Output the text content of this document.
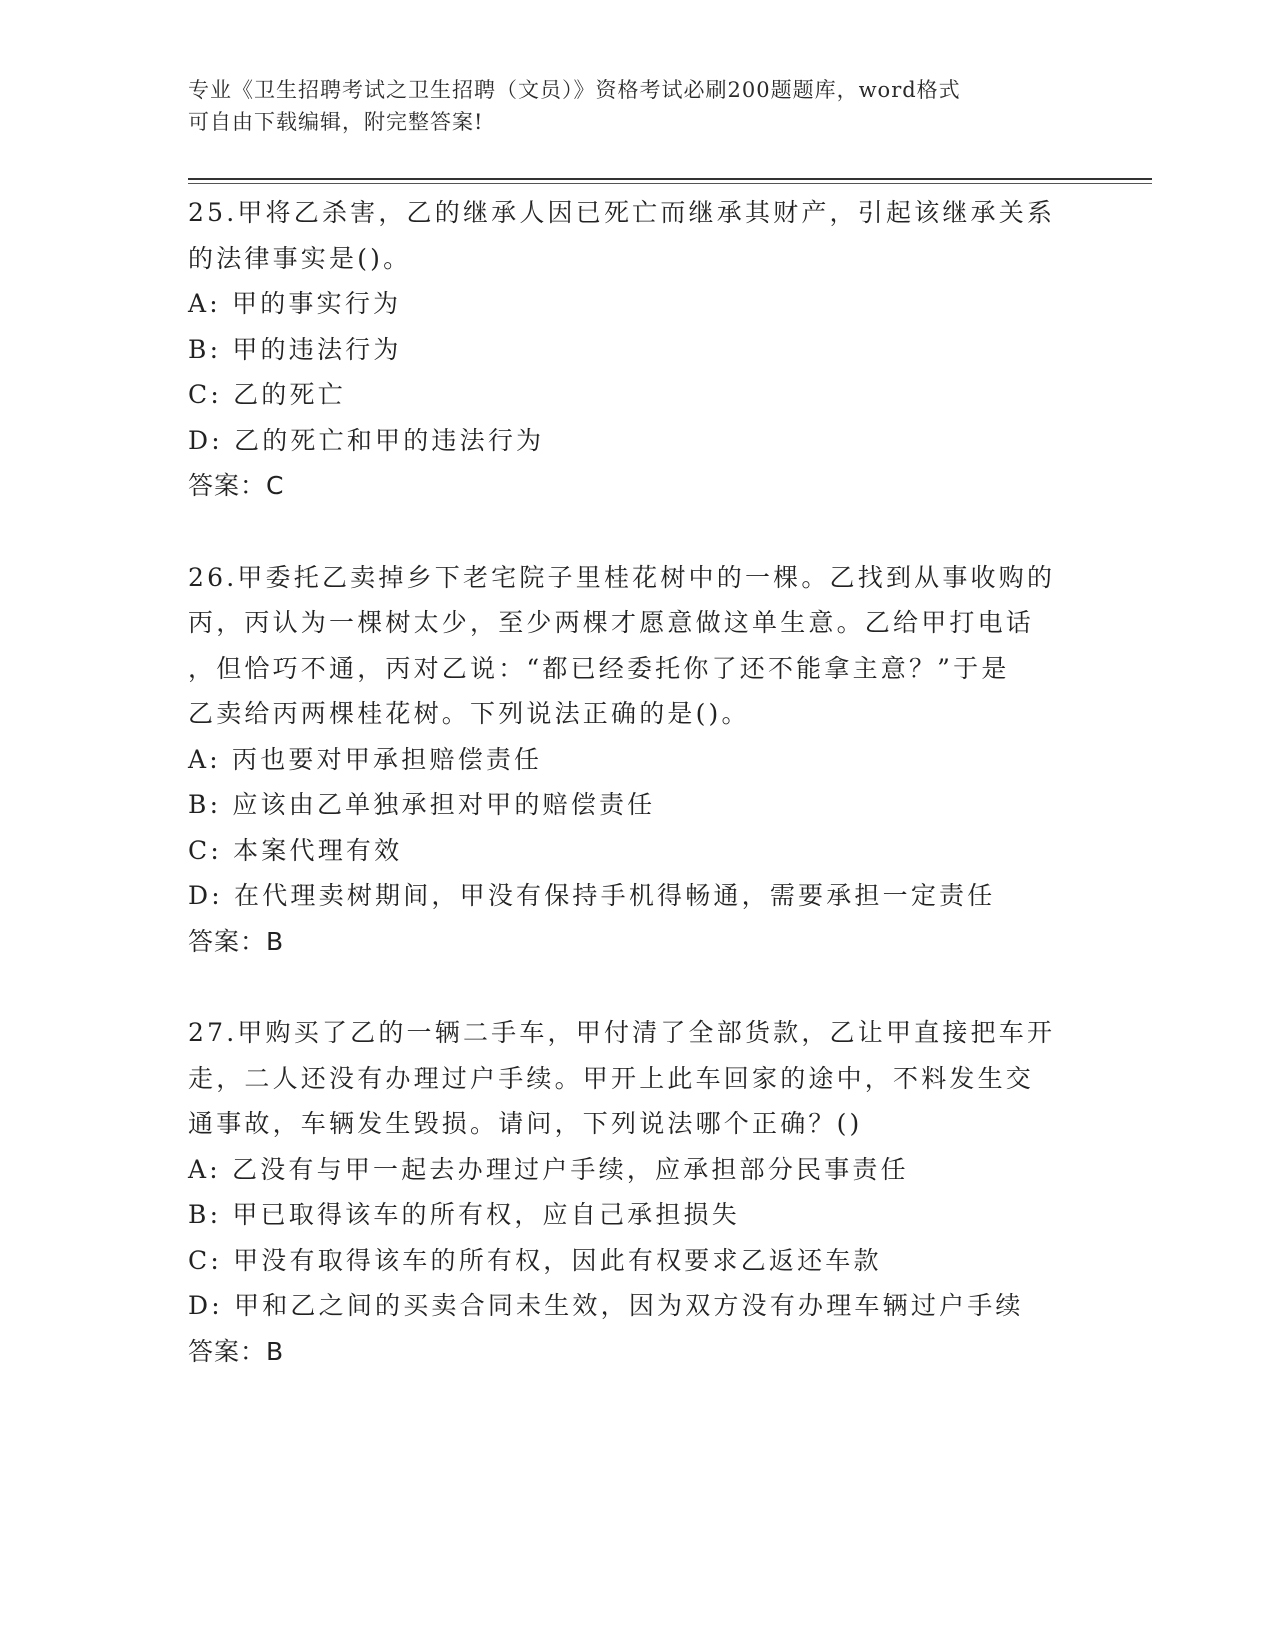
专业《卫生招聘考试之卫生招聘（文员）》资格考试必刷200题题库，word格式
可自由下载编辑，附完整答案!
25.甲将乙杀害，乙的继承人因已死亡而继承其财产，引起该继承关系
的法律事实是()。
A: 甲的事实行为
B: 甲的违法行为
C: 乙的死亡
D: 乙的死亡和甲的违法行为
答案：C
26.甲委托乙卖掉乡下老宅院子里桂花树中的一棵。乙找到从事收购的
丙，丙认为一棵树太少，至少两棵才愿意做这单生意。乙给甲打电话
，但恰巧不通，丙对乙说：“都已经委托你了还不能拿主意？”于是
乙卖给丙两棵桂花树。下列说法正确的是()。
A: 丙也要对甲承担赔偿责任
B: 应该由乙单独承担对甲的赔偿责任
C: 本案代理有效
D: 在代理卖树期间，甲没有保持手机得畅通，需要承担一定责任
答案：B
27.甲购买了乙的一辆二手车，甲付清了全部货款，乙让甲直接把车开
走，二人还没有办理过户手续。甲开上此车回家的途中，不料发生交
通事故，车辆发生毁损。请问，下列说法哪个正确？()
A: 乙没有与甲一起去办理过户手续，应承担部分民事责任
B: 甲已取得该车的所有权，应自己承担损失
C: 甲没有取得该车的所有权，因此有权要求乙返还车款
D: 甲和乙之间的买卖合同未生效，因为双方没有办理车辆过户手续
答案：B
